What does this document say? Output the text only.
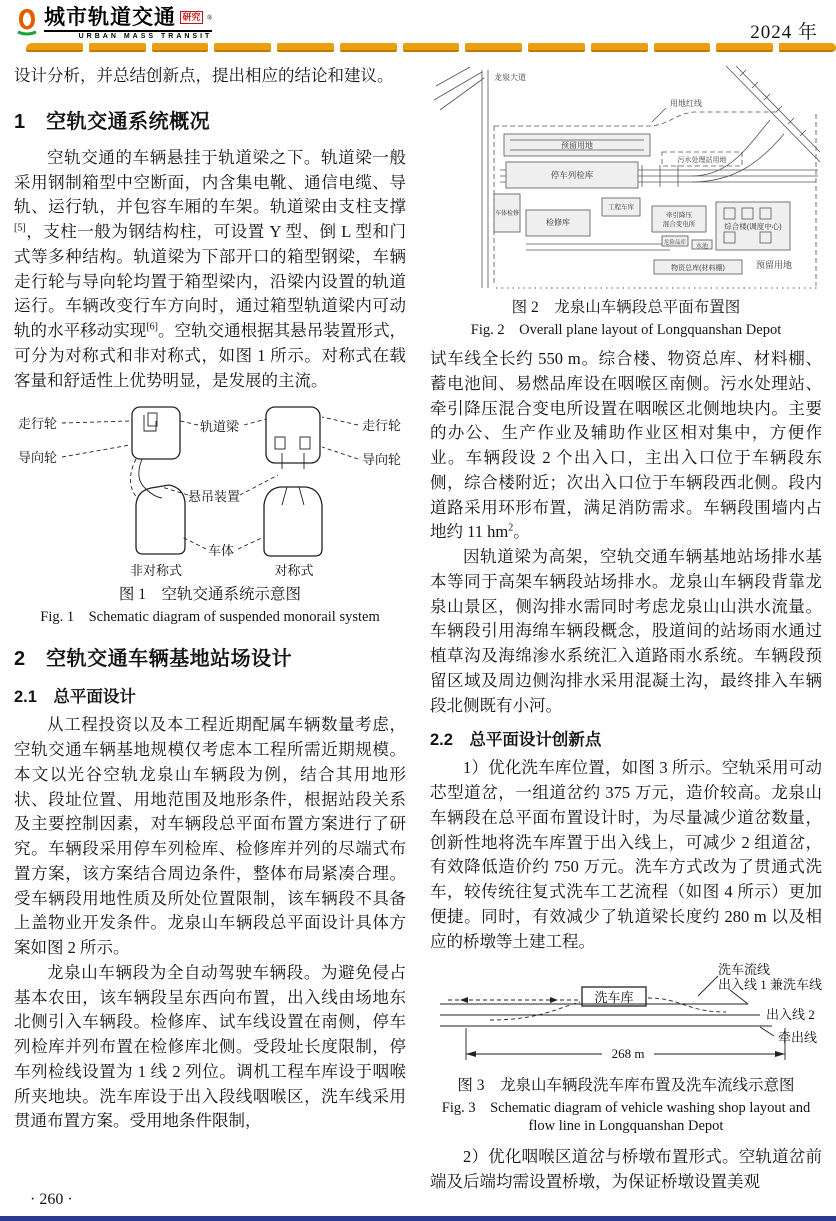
城市轨道交通 研究 ®
URBAN MASS TRANSIT	2024 年

设计分析，并总结创新点，提出相应的结论和建议。

1　空轨交通系统概况

空轨交通的车辆悬挂于轨道梁之下。轨道梁一般采用钢制箱型中空断面，内含集电靴、通信电缆、导轨、运行轨，并包容车厢的车架。轨道梁由支柱支撑[5]，支柱一般为钢结构柱，可设置 Y 型、倒 L 型和门式等多种结构。轨道梁为下部开口的箱型钢梁，车辆走行轮与导向轮均置于箱型梁内，沿梁内设置的轨道运行。车辆改变行车方向时，通过箱型轨道梁内可动轨的水平移动实现[6]。空轨交通根据其悬吊装置形式，可分为对称式和非对称式，如图 1 所示。对称式在载客量和舒适性上优势明显，是发展的主流。

走行轮
导向轮
轨道梁
悬吊装置
车体
走行轮
导向轮
非对称式	对称式
图 1　空轨交通系统示意图
Fig. 1　Schematic diagram of suspended monorail system
2　空轨交通车辆基地站场设计
2.1　总平面设计

从工程投资以及本工程近期配属车辆数量考虑，空轨交通车辆基地规模仅考虑本工程所需近期规模。本文以光谷空轨龙泉山车辆段为例，结合其用地形状、段址位置、用地范围及地形条件，根据站段关系及主要控制因素，对车辆段总平面布置方案进行了研究。车辆段采用停车列检库、检修库并列的尽端式布置方案，该方案结合周边条件，整体布局紧凑合理。受车辆段用地性质及所处位置限制，该车辆段不具备上盖物业开发条件。龙泉山车辆段总平面设计具体方案如图 2 所示。

龙泉山车辆段为全自动驾驶车辆段。为避免侵占基本农田，该车辆段呈东西向布置，出入线由场地东北侧引入车辆段。检修库、试车线设置在南侧，停车列检库并列布置在检修库北侧。受段址长度限制，停车列检线设置为 1 线 2 列位。调机工程车库设于咽喉所夹地块。洗车库设于出入段线咽喉区，洗车线采用贯通布置方案。受用地条件限制，

龙泉大道
用地红线
预留用地
停车列检库
车体检修
检修库
工程车库
污水处理站用地
牵引降压
混合变电所
危险品库
水池
综合楼(调度中心)
物资总库(材料棚)	预留用地
图 2　龙泉山车辆段总平面布置图
Fig. 2　Overall plane layout of Longquanshan Depot

试车线全长约 550 m。综合楼、物资总库、材料棚、蓄电池间、易燃品库设在咽喉区南侧。污水处理站、牵引降压混合变电所设置在咽喉区北侧地块内。主要的办公、生产作业及辅助作业区相对集中，方便作业。车辆段设 2 个出入口，主出入口位于车辆段东侧，综合楼附近；次出入口位于车辆段西北侧。段内道路采用环形布置，满足消防需求。车辆段围墙内占地约 11 $hm^2$。

因轨道梁为高架，空轨交通车辆基地站场排水基本等同于高架车辆段站场排水。龙泉山车辆段背靠龙泉山景区，侧沟排水需同时考虑龙泉山山洪水流量。车辆段引用海绵车辆段概念，股道间的站场雨水通过植草沟及海绵渗水系统汇入道路雨水系统。车辆段预留区域及周边侧沟排水采用混凝土沟，最终排入车辆段北侧既有小河。

2.2　总平面设计创新点

1）优化洗车库位置，如图 3 所示。空轨采用可动芯型道岔，一组道岔约 375 万元，造价较高。龙泉山车辆段在总平面布置设计时，为尽量减少道岔数量，创新性地将洗车库置于出入线上，可减少 2 组道岔，有效降低造价约 750 万元。洗车方式改为了贯通式洗车，较传统往复式洗车工艺流程（如图 4 所示）更加便捷。同时，有效减少了轨道梁长度约 280 m 以及相应的桥墩等土建工程。

洗车库
洗车流线
出入线 1 兼洗车线
出入线 2
牵出线
268 m
图 3　龙泉山车辆段洗车库布置及洗车流线示意图
Fig. 3　Schematic diagram of vehicle washing shop layout and
flow line in Longquanshan Depot

2）优化咽喉区道岔与桥墩布置形式。空轨道岔前端及后端均需设置桥墩，为保证桥墩设置美观

· 260 ·
